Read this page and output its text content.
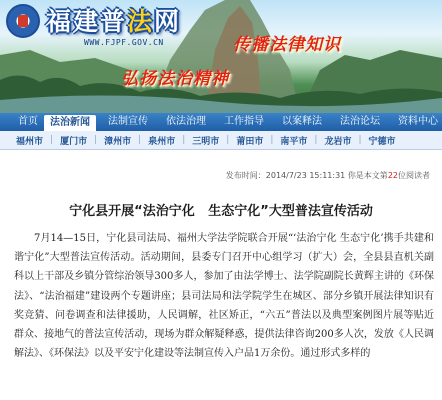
福建普法网
WWW.FJPF.GOV.CN	传播法律知识
弘扬法治精神
首页	法治新闻	法制宣传	依法治理	工作指导	以案释法	法治论坛	资料中心
福州市 | 厦门市 | 漳州市 | 泉州市 | 三明市 | 莆田市 | 南平市 | 龙岩市 | 宁德市
发布时间：2014/7/23 15:11:31 你是本文第22位阅读者
宁化县开展“法治宁化   生态宁化”大型普法宣传活动

7月14—15日，宁化县司法局、福州大学法学院联合开展“‘法治宁化 生态宁化’携手共建和谐宁化”大型普法宣传活动。活动期间，县委专门召开中心组学习（扩大）会，全县县直机关副科以上干部及乡镇分管综治领导300多人，参加了由法学博士、法学院副院长黄辉主讲的《环保法》、“法治福建”建设两个专题讲座；县司法局和法学院学生在城区、部分乡镇开展法律知识有奖竞猜、问卷调查和法律援助，人民调解，社区矫正，“六五”普法以及典型案例图片展等贴近群众、接地气的普法宣传活动，现场为群众解疑释惑，提供法律咨询200多人次，发放《人民调解法》、《环保法》以及平安宁化建设等法制宣传入户品1万余份。通过形式多样的
